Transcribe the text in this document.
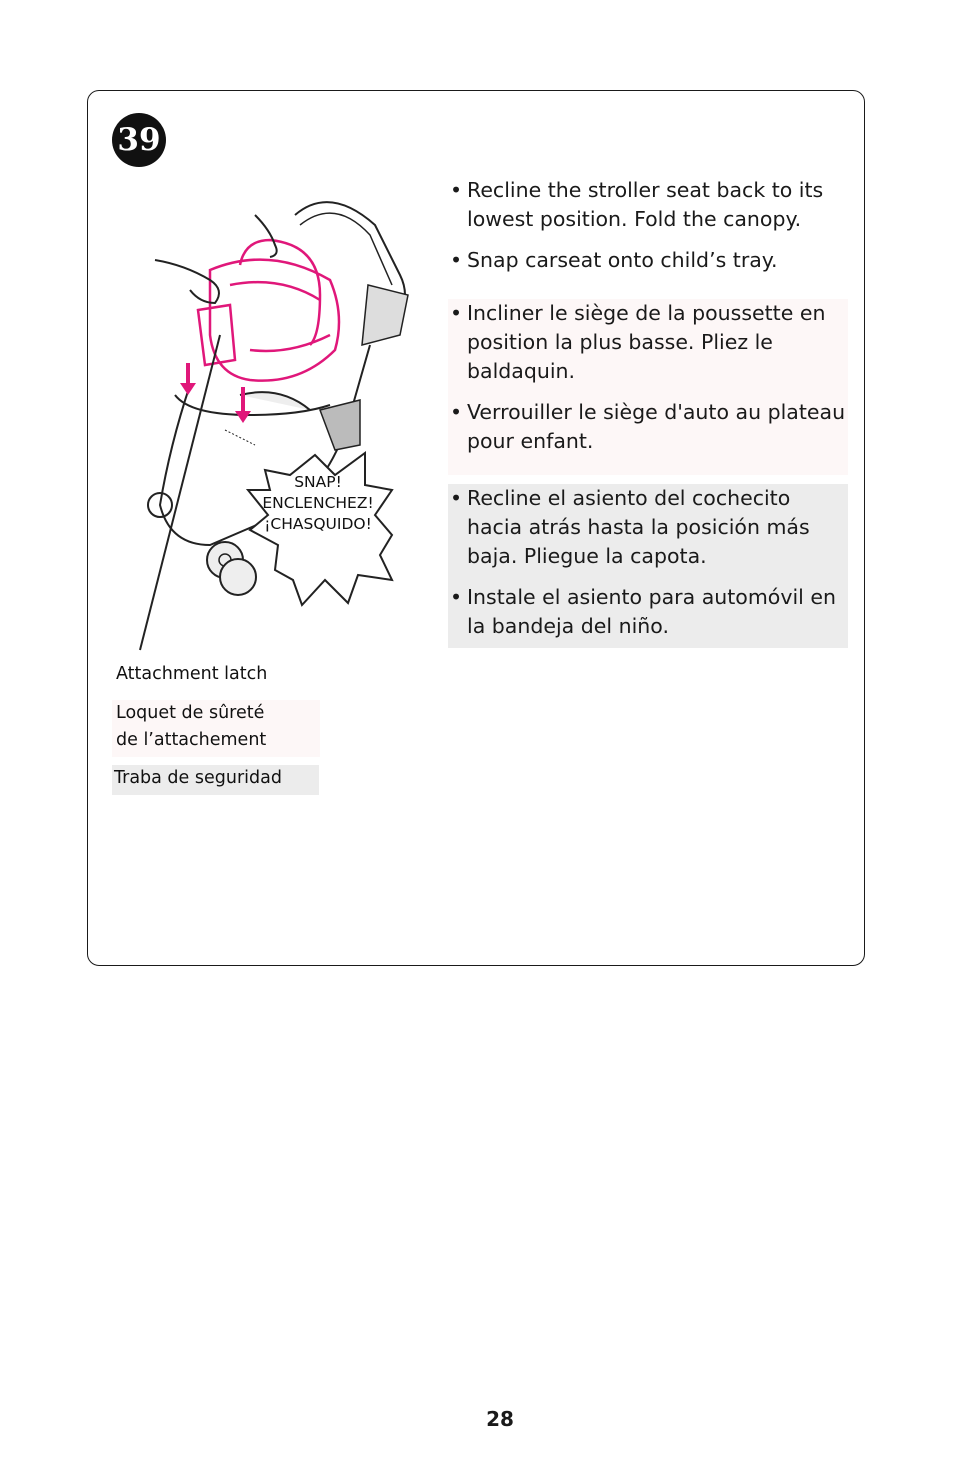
39
SNAP!
ENCLENCHEZ!
¡CHASQUIDO!

• Recline the stroller seat back to its lowest position. Fold the canopy.

• Snap carseat onto child’s tray.

• Incliner le siège de la poussette en position la plus basse. Pliez le baldaquin.

• Verrouiller le siège d'auto au plateau pour enfant.

• Recline el asiento del cochecito hacia atrás hasta la posición más baja. Pliegue la capota.

• Instale el asiento para automóvil en la bandeja del niño.

Attachment latch
Loquet de sûreté
de l’attachement
Traba de seguridad
28
